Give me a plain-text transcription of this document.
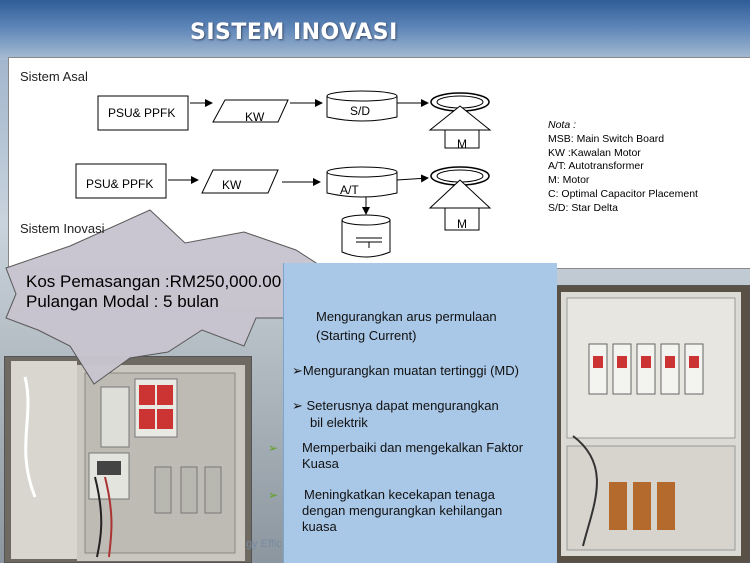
SISTEM INOVASI
PSU& PPFK	KW	S/D
M
PSU& PPFK	KW	A/T
M
Sistem Asal
Nota :
MSB: Main Switch Board
KW :Kawalan Motor
A/T: Autotransformer
M: Motor
C: Optimal Capacitor Placement
S/D: Star Delta
Kos Pemasangan :RM250,000.00
Pulangan Modal : 5 bulan
Sistem Inovasi
Mengurangkan arus permulaan
(Starting Current)
➢Mengurangkan muatan tertinggi (MD)
➢ Seterusnya dapat mengurangkan
bil elektrik
Memperbaiki dan mengekalkan Faktor
Kuasa
Meningkatkan kecekapan tenaga
dengan mengurangkan kehilangan
kuasa
➢
➢
gy Effic
